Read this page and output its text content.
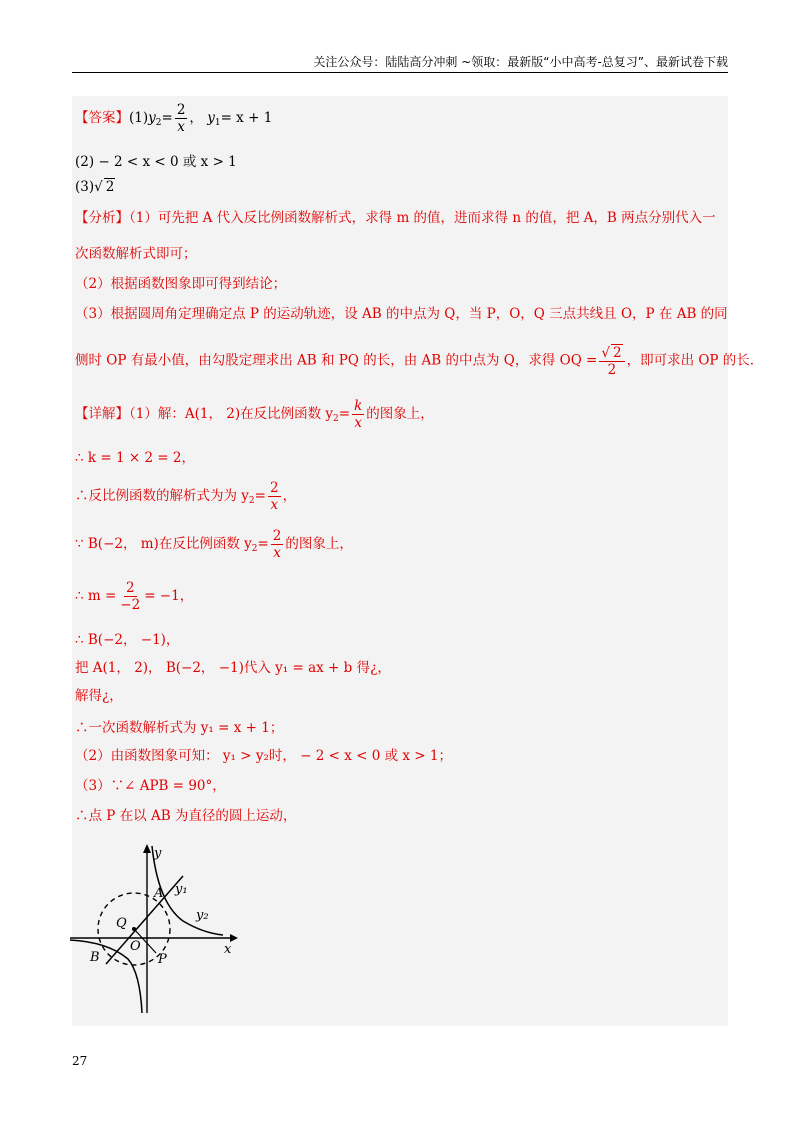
关注公众号：陆陆高分冲刺 ~领取：最新版“小中高考-总复习”、最新试卷下载
【答案】$(1)y_2= \frac{2}{x}$ ， $y_1= x + 1$
(2) − 2 < x < 0 或 x > 1
(3)√ 2
【分析】（1）可先把 A 代入反比例函数解析式，求得 m 的值，进而求得 n 的值，把 A，B 两点分别代入一
次函数解析式即可；
（2）根据函数图象即可得到结论；
（3）根据圆周角定理确定点 P 的运动轨迹，设 AB 的中点为 Q，当 P，O，Q 三点共线且 O，P 在 AB 的同
侧时 OP 有最小值，由勾股定理求出 AB 和 PQ 的长，由 AB 的中点为 Q，求得 OQ = $\frac{√ 2}{2}$ ，即可求出 OP 的长.
【详解】（1）解：A(1， 2)在反比例函数 $y_2= \frac{k}{x}$ 的图象上，
∴ k = 1 × 2 = 2，
∴反比例函数的解析式为为 $y_2= \frac{2}{x}$ ，
∵ B(−2， m)在反比例函数 $y_2= \frac{2}{x}$ 的图象上，
∴ $m = \frac{2}{-2} = -1$，
∴ B(−2， −1)，
把 A(1， 2)， B(−2， −1)代入 y₁ = ax + b 得¿，
解得¿，
∴一次函数解析式为 y₁ = x + 1；
（2）由函数图象可知： y₁ > y₂时， − 2 < x < 0 或 x > 1；
（3）∵∠ APB = 90°，
∴点 P 在以 AB 为直径的圆上运动，
y
x
A y₁
y₂
Q
O
B	P
27
